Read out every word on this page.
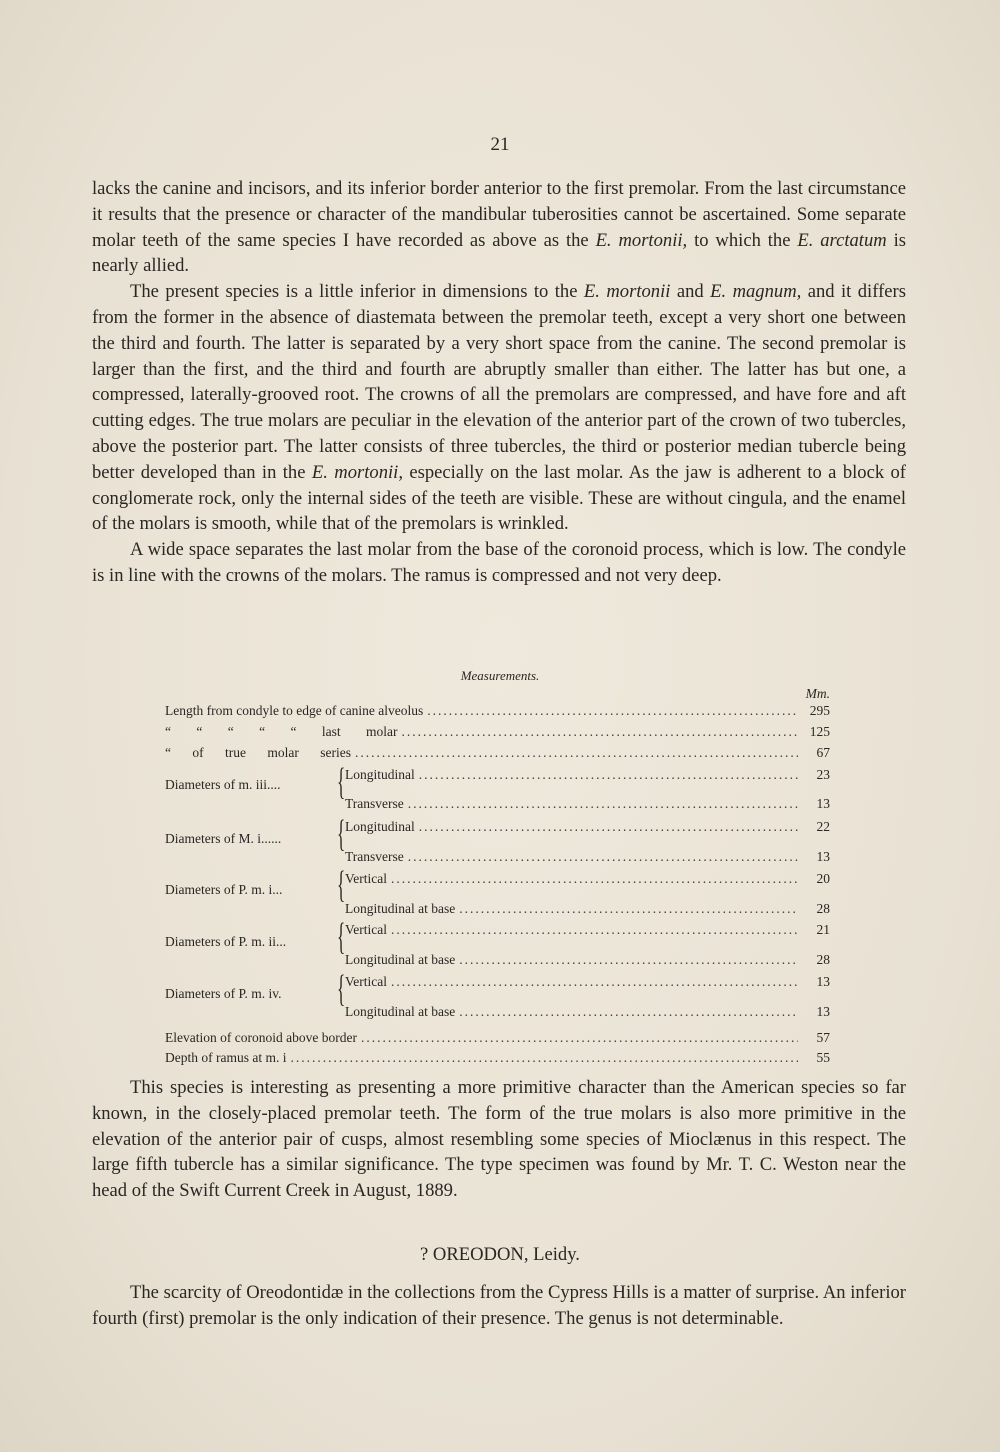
21

lacks the canine and incisors, and its inferior border anterior to the first premolar. From the last circumstance it results that the presence or character of the mandibular tuberosities cannot be ascertained. Some separate molar teeth of the same species I have recorded as above as the E. mortonii, to which the E. arctatum is nearly allied.

The present species is a little inferior in dimensions to the E. mortonii and E. magnum, and it differs from the former in the absence of diastemata between the premolar teeth, except a very short one between the third and fourth. The latter is separated by a very short space from the canine. The second premolar is larger than the first, and the third and fourth are abruptly smaller than either. The latter has but one, a compressed, laterally-grooved root. The crowns of all the premolars are compressed, and have fore and aft cutting edges. The true molars are peculiar in the elevation of the anterior part of the crown of two tubercles, above the posterior part. The latter consists of three tubercles, the third or posterior median tubercle being better developed than in the E. mortonii, especially on the last molar. As the jaw is adherent to a block of conglomerate rock, only the internal sides of the teeth are visible. These are without cingula, and the enamel of the molars is smooth, while that of the premolars is wrinkled.

A wide space separates the last molar from the base of the coronoid process, which is low. The condyle is in line with the crowns of the molars. The ramus is compressed and not very deep.

Measurements.
Mm.
Length from condyle to edge of canine alveolus .....	295
“ “ “ “ “ last molar .....	125
“ of true molar series .....	67
Diameters of m. iii.... { Longitudinal .....	23
Transverse .....	13
Diameters of M. i...... { Longitudinal .....	22
Transverse .....	13
Diameters of P. m. i... { Vertical .....	20
Longitudinal at base .....	28
Diameters of P. m. ii... { Vertical .....	21
Longitudinal at base .....	28
Diameters of P. m. iv. { Vertical .....	13
Longitudinal at base .....	13
Elevation of coronoid above border .....	57
Depth of ramus at m. i .....	55

This species is interesting as presenting a more primitive character than the American species so far known, in the closely-placed premolar teeth. The form of the true molars is also more primitive in the elevation of the anterior pair of cusps, almost resembling some species of Mioclænus in this respect. The large fifth tubercle has a similar significance. The type specimen was found by Mr. T. C. Weston near the head of the Swift Current Creek in August, 1889.

? OREODON, Leidy.

The scarcity of Oreodontidæ in the collections from the Cypress Hills is a matter of surprise. An inferior fourth (first) premolar is the only indication of their presence. The genus is not determinable.
